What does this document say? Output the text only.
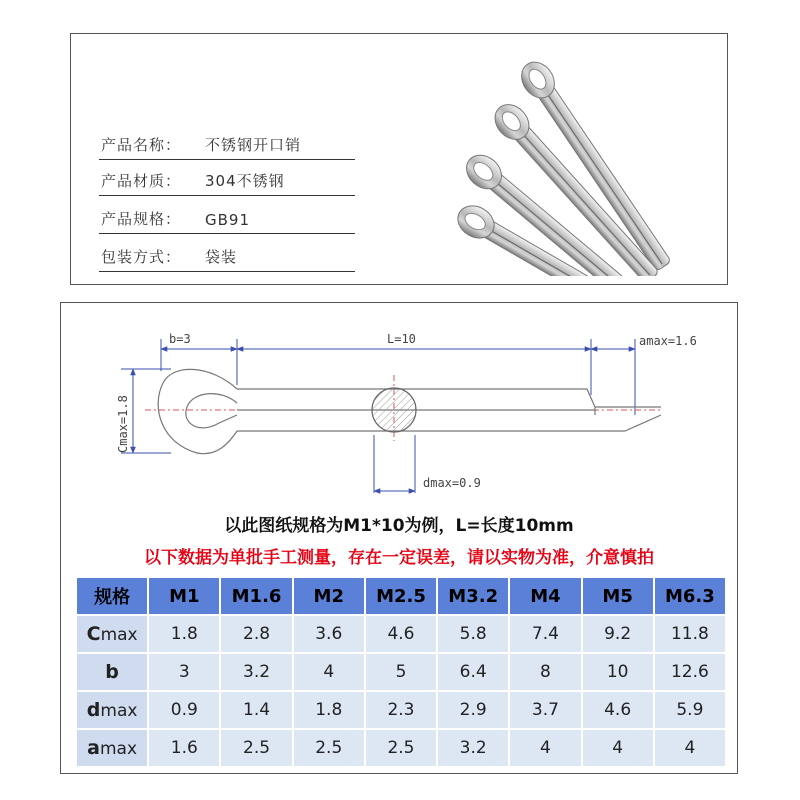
产品名称： 不锈钢开口销
产品材质： 304不锈钢
产品规格： GB91
包装方式： 袋装
b=3	L=10	amax=1.6
dmax=0.9
Cmax=1.8
以此图纸规格为M1*10为例，L=长度10mm
以下数据为单批手工测量，存在一定误差，请以实物为准，介意慎拍
规格	M1	M1.6	M2	M2.5	M3.2	M4	M5	M6.3
Cmax	1.8	2.8	3.6	4.6	5.8	7.4	9.2	11.8
b	3	3.2	4	5	6.4	8	10	12.6
dmax	0.9	1.4	1.8	2.3	2.9	3.7	4.6	5.9
amax	1.6	2.5	2.5	2.5	3.2	4	4	4
